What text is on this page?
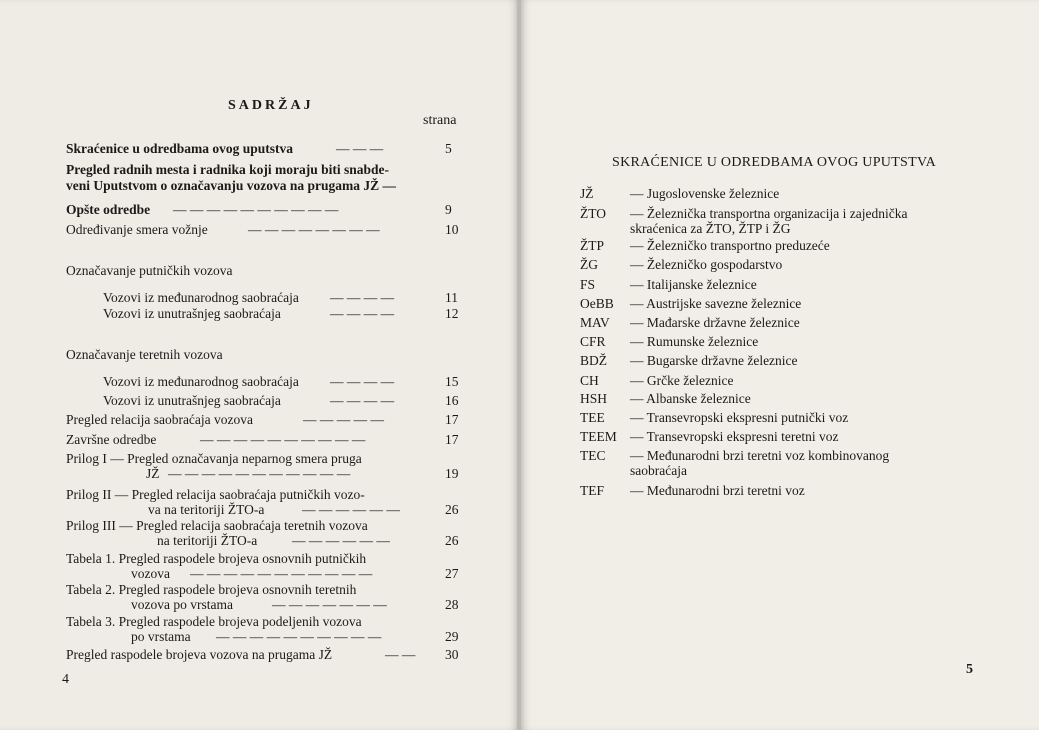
SADRŽAJ
strana
Skraćenice u odredbama ovog uputstva	— — —	5
Pregled radnih mesta i radnika koji moraju biti snabde-
veni Uputstvom o označavanju vozova na prugama JŽ —
Opšte odredbe — — — — — — — — — —	9
Određivanje smera vožnje	— — — — — — — —	10
Označavanje putničkih vozova
Vozovi iz međunarodnog saobraćaja — — — —	11
Vozovi iz unutrašnjeg saobraćaja	— — — —	12
Označavanje teretnih vozova
Vozovi iz međunarodnog saobraćaja — — — —	15
Vozovi iz unutrašnjeg saobraćaja	— — — —	16
Pregled relacija saobraćaja vozova	— — — — —	17
Završne odredbe	— — — — — — — — — —	17
Prilog I — Pregled označavanja neparnog smera pruga
JŽ — — — — — — — — — — —	19
Prilog II — Pregled relacija saobraćaja putničkih vozo-
va na teritoriji ŽTO-a	— — — — — —	26
Prilog III — Pregled relacija saobraćaja teretnih vozova
na teritoriji ŽTO-a	— — — — — —	26
Tabela 1. Pregled raspodele brojeva osnovnih putničkih
vozova — — — — — — — — — — —	27
Tabela 2. Pregled raspodele brojeva osnovnih teretnih
vozova po vrstama	— — — — — — —	28
Tabela 3. Pregled raspodele brojeva podeljenih vozova
po vrstama — — — — — — — — — —	29
Pregled raspodele brojeva vozova na prugama JŽ	— — 30
4
SKRAĆENICE U ODREDBAMA OVOG UPUTSTVA
JŽ	— Jugoslovenske železnice
ŽTO	— Železnička transportna organizacija i zajednička
skraćenica za ŽTO, ŽTP i ŽG
ŽTP	— Železničko transportno preduzeće
ŽG	— Železničko gospodarstvo
FS	— Italijanske železnice
OeBB	— Austrijske savezne železnice
MAV	— Mađarske državne železnice
CFR	— Rumunske železnice
BDŽ	— Bugarske državne železnice
CH	— Grčke železnice
HSH	— Albanske železnice
TEE	— Transevropski ekspresni putnički voz
TEEM — Transevropski ekspresni teretni voz
TEC	— Međunarodni brzi teretni voz kombinovanog
saobraćaja
TEF	— Međunarodni brzi teretni voz
5
